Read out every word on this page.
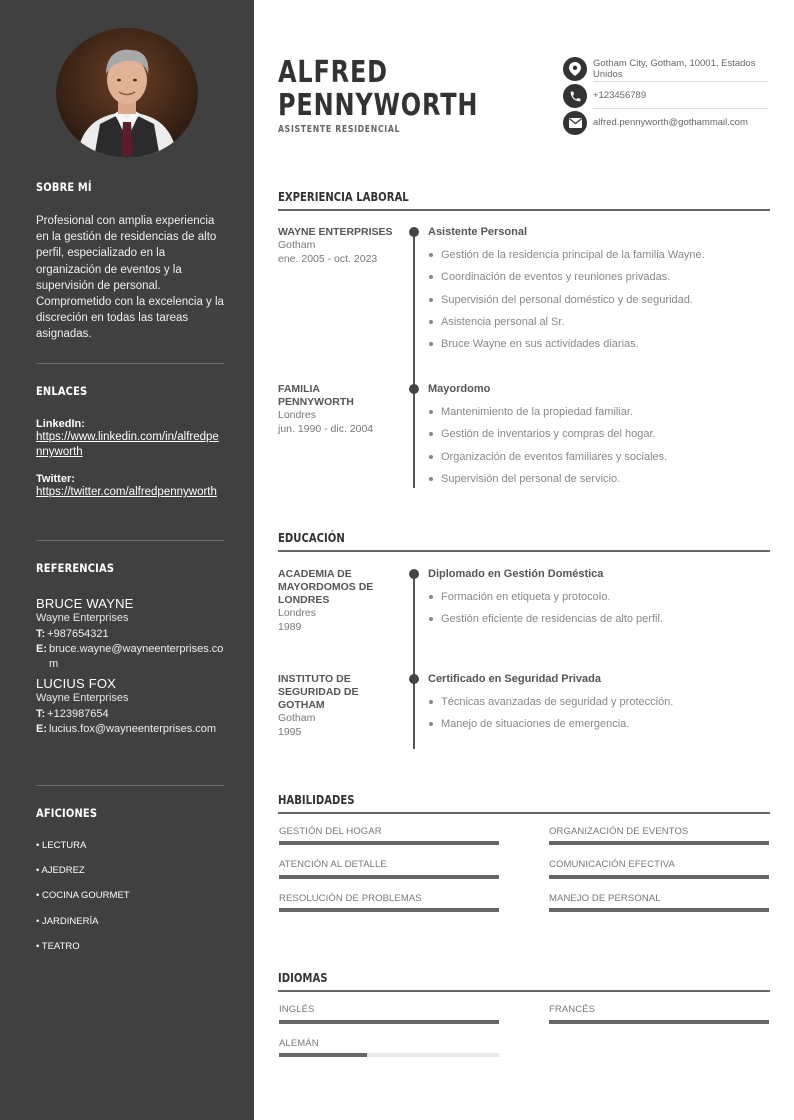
SOBRE MÍ

Profesional con amplia experiencia en la gestión de residencias de alto perfil, especializado en la organización de eventos y la supervisión de personal. Comprometido con la excelencia y la discreción en todas las tareas asignadas.

ENLACES
LinkedIn:
https://www.linkedin.com/in/alfredpennyworth
Twitter:
https://twitter.com/alfredpennyworth
REFERENCIAS
BRUCE WAYNE
Wayne Enterprises
T: +987654321
E: bruce.wayne@wayneenterprises.com
LUCIUS FOX
Wayne Enterprises
T: +123987654
E: lucius.fox@wayneenterprises.com
AFICIONES
• LECTURA
• AJEDREZ
• COCINA GOURMET
• JARDINERÍA
• TEATRO
ALFRED
PENNYWORTH
ASISTENTE RESIDENCIAL
Gotham City, Gotham, 10001, Estados Unidos
+123456789
alfred.pennyworth@gothammail.com
EXPERIENCIA LABORAL
WAYNE ENTERPRISES
Gotham
ene. 2005 - oct. 2023
Asistente Personal
Gestión de la residencia principal de la familia Wayne.
Coordinación de eventos y reuniones privadas.
Supervisión del personal doméstico y de seguridad.
Asistencia personal al Sr.
Bruce Wayne en sus actividades diarias.
FAMILIA PENNYWORTH
Londres
jun. 1990 - dic. 2004
Mayordomo
Mantenimiento de la propiedad familiar.
Gestión de inventarios y compras del hogar.
Organización de eventos familiares y sociales.
Supervisión del personal de servicio.
EDUCACIÓN
ACADEMIA DE MAYORDOMOS DE LONDRES
Londres
1989
Diplomado en Gestión Doméstica
Formación en etiqueta y protocolo.
Gestión eficiente de residencias de alto perfil.
INSTITUTO DE SEGURIDAD DE GOTHAM
Gotham
1995
Certificado en Seguridad Privada
Técnicas avanzadas de seguridad y protección.
Manejo de situaciones de emergencia.
HABILIDADES
GESTIÓN DEL HOGAR	ORGANIZACIÓN DE EVENTOS
ATENCIÓN AL DETALLE	COMUNICACIÓN EFECTIVA
RESOLUCIÓN DE PROBLEMAS	MANEJO DE PERSONAL
IDIOMAS
INGLÉS	FRANCÉS
ALEMÁN
